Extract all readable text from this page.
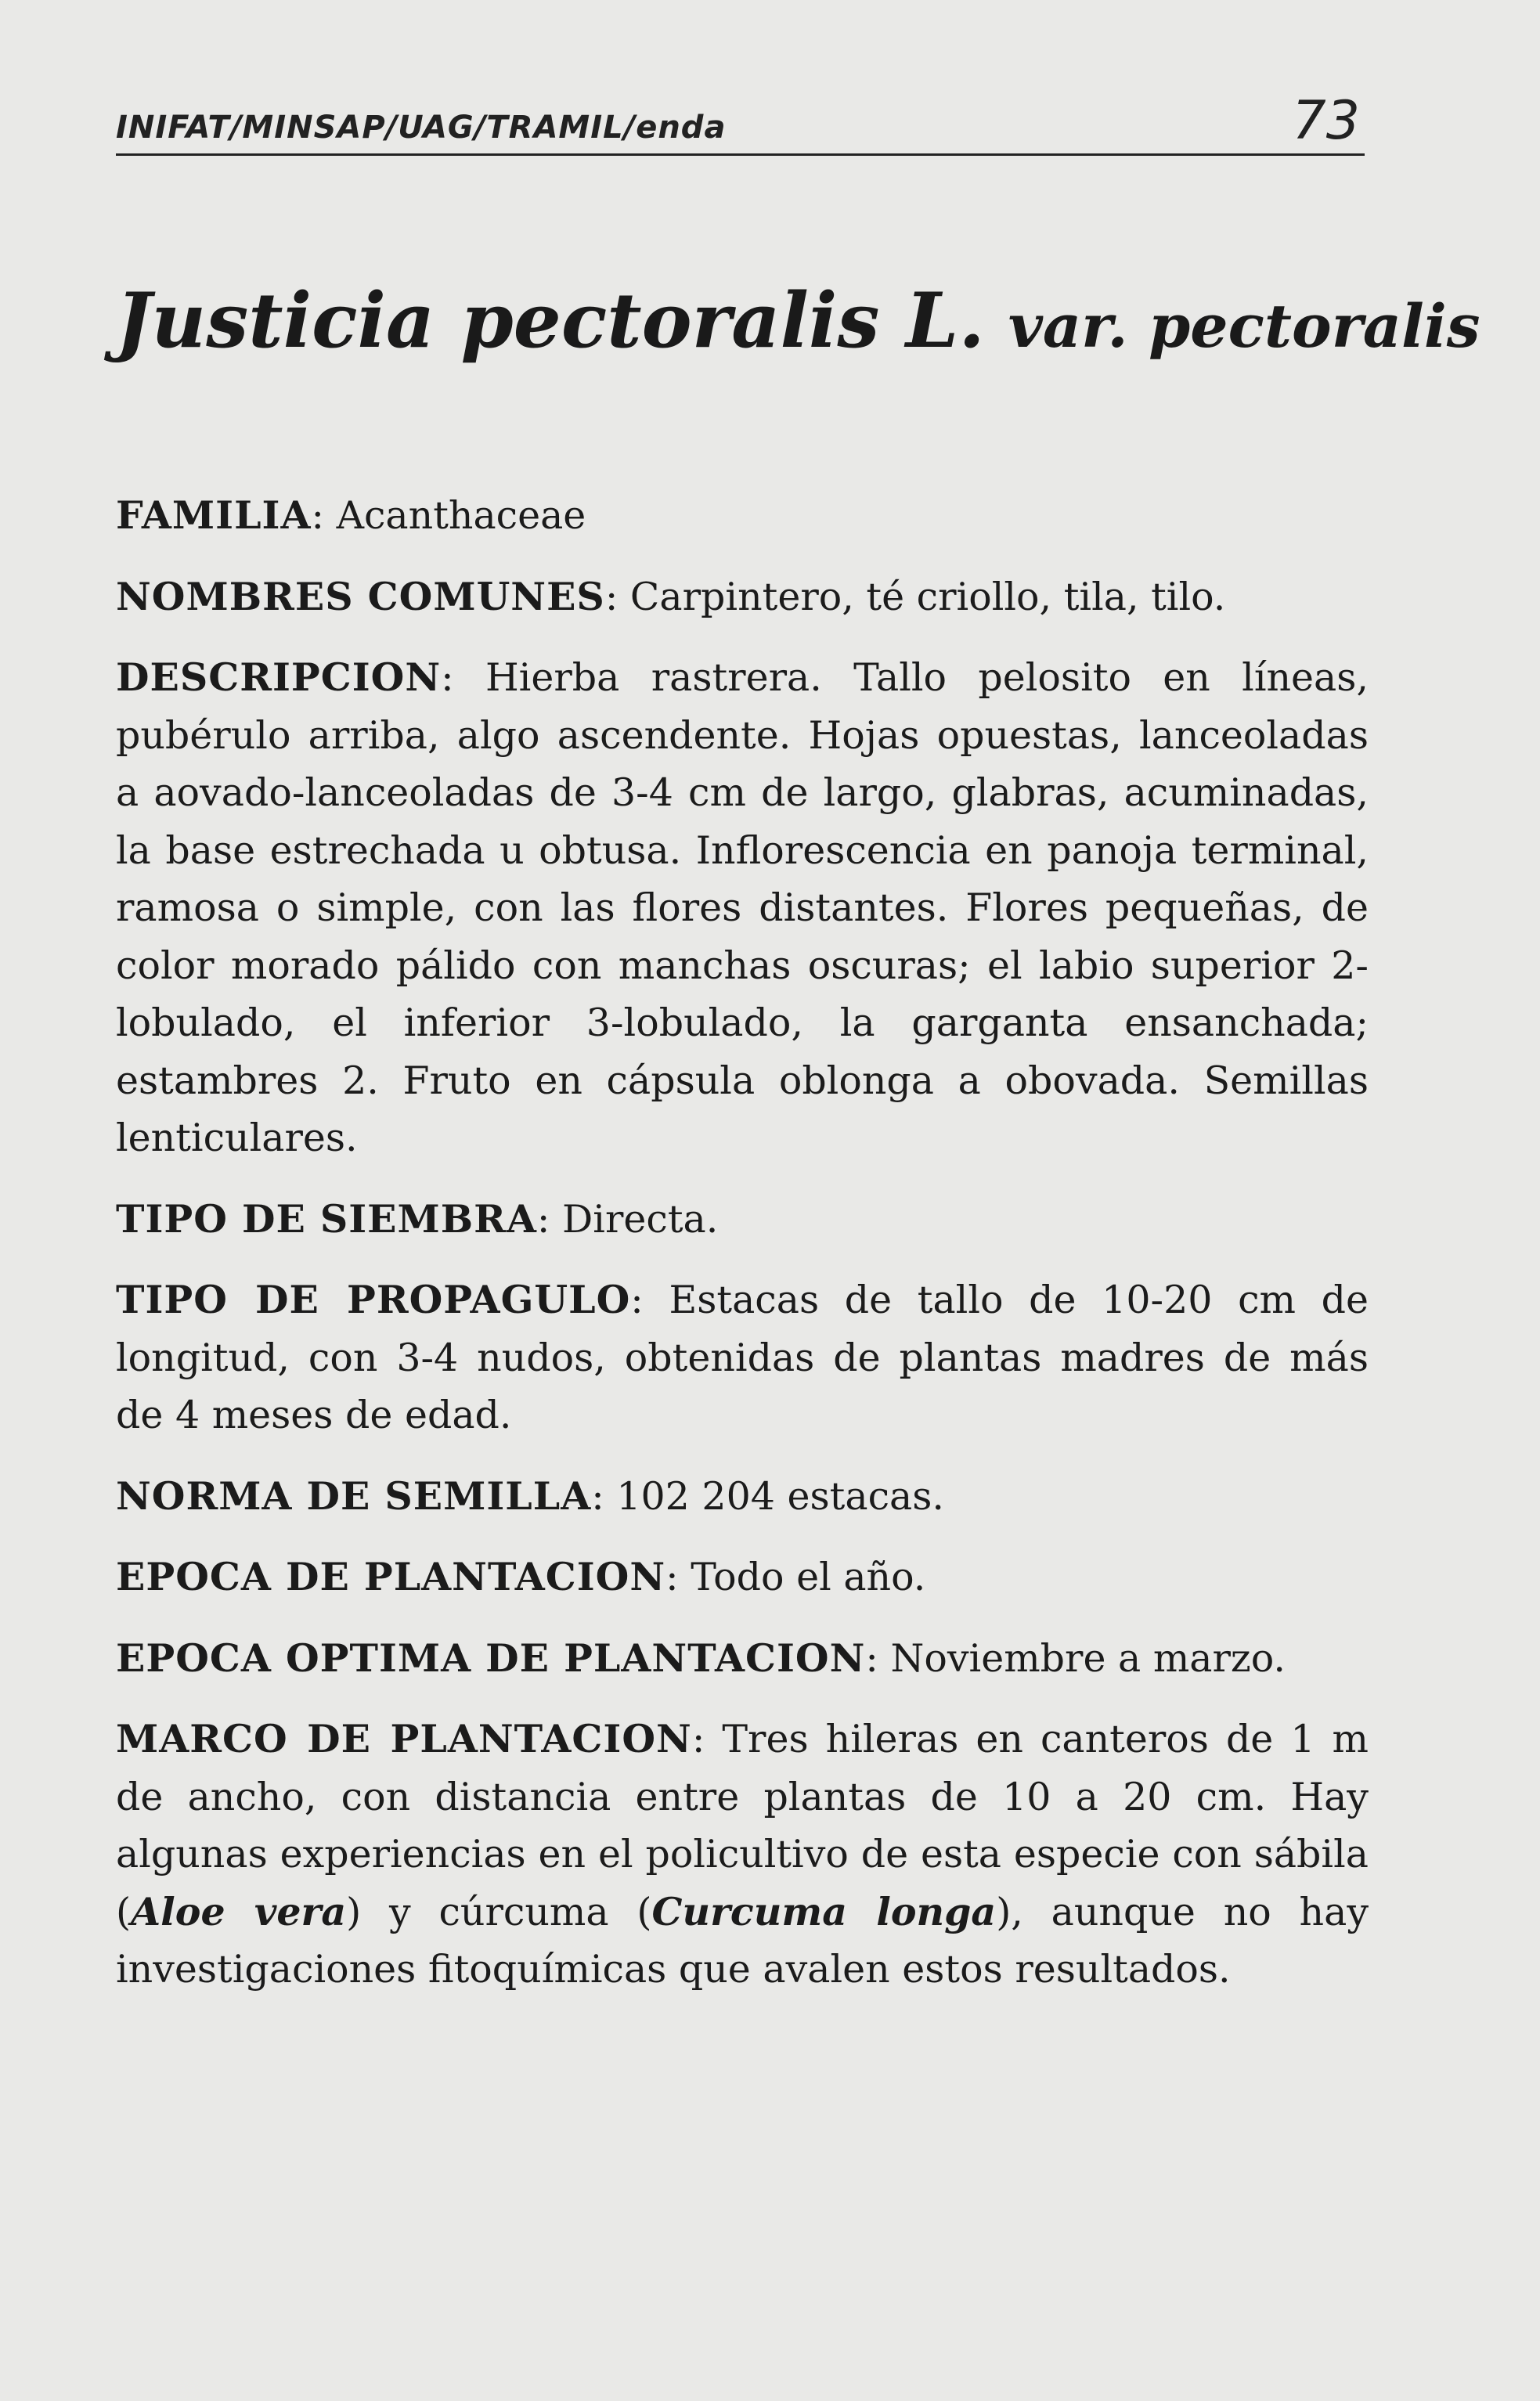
INIFAT/MINSAP/UAG/TRAMIL/enda	73
Justicia pectoralis L. var. pectoralis

FAMILIA: Acanthaceae

NOMBRES COMUNES: Carpintero, té criollo, tila, tilo.

DESCRIPCION: Hierba rastrera. Tallo pelosito en líneas, pubérulo arriba, algo ascendente. Hojas opuestas, lanceoladas a aovado-lanceoladas de 3-4 cm de largo, glabras, acuminadas, la base estrechada u obtusa. Inflorescencia en panoja terminal, ramosa o simple, con las flores distantes. Flores pequeñas, de color morado pálido con manchas oscuras; el labio superior 2-lobulado, el inferior 3-lobulado, la garganta ensanchada; estambres 2. Fruto en cápsula oblonga a obovada. Semillas lenticulares.

TIPO DE SIEMBRA: Directa.

TIPO DE PROPAGULO: Estacas de tallo de 10-20 cm de longitud, con 3-4 nudos, obtenidas de plantas madres de más de 4 meses de edad.

NORMA DE SEMILLA: 102 204 estacas.

EPOCA DE PLANTACION: Todo el año.

EPOCA OPTIMA DE PLANTACION: Noviembre a marzo.

MARCO DE PLANTACION: Tres hileras en canteros de 1 m de ancho, con distancia entre plantas de 10 a 20 cm. Hay algunas experiencias en el policultivo de esta especie con sábila (Aloe vera) y cúrcuma (Curcuma longa), aunque no hay investigaciones fitoquímicas que avalen estos resultados.
